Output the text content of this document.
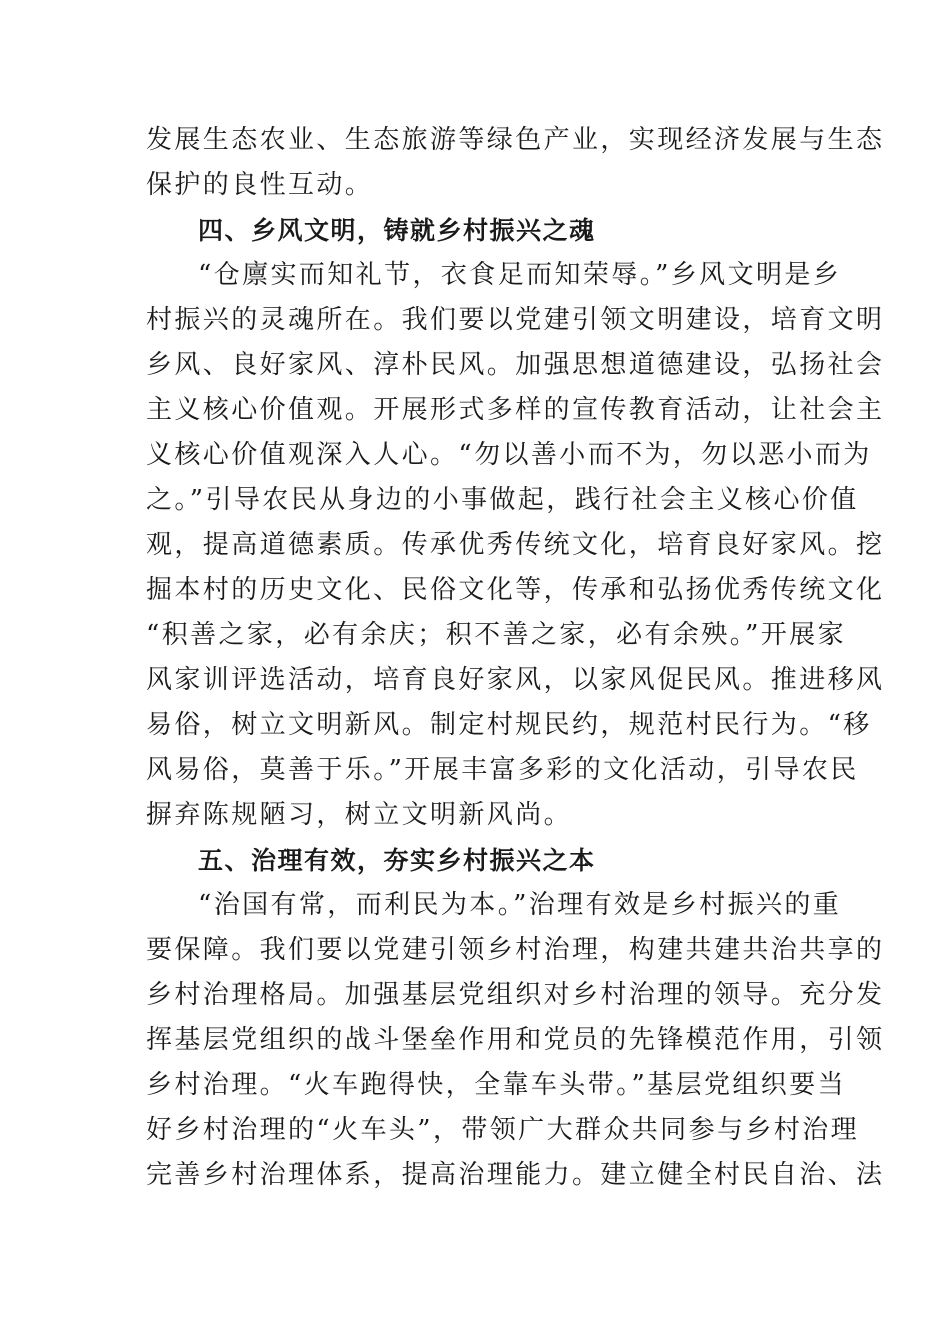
发展生态农业、生态旅游等绿色产业，实现经济发展与生态
保护的良性互动。
四、乡风文明，铸就乡村振兴之魂
“仓廪实而知礼节，衣食足而知荣辱。”乡风文明是乡
村振兴的灵魂所在。我们要以党建引领文明建设，培育文明
乡风、良好家风、淳朴民风。加强思想道德建设，弘扬社会
主义核心价值观。开展形式多样的宣传教育活动，让社会主
义核心价值观深入人心。“勿以善小而不为，勿以恶小而为
之。”引导农民从身边的小事做起，践行社会主义核心价值
观，提高道德素质。传承优秀传统文化，培育良好家风。挖
掘本村的历史文化、民俗文化等，传承和弘扬优秀传统文化
“积善之家，必有余庆；积不善之家，必有余殃。”开展家
风家训评选活动，培育良好家风，以家风促民风。推进移风
易俗，树立文明新风。制定村规民约，规范村民行为。“移
风易俗，莫善于乐。”开展丰富多彩的文化活动，引导农民
摒弃陈规陋习，树立文明新风尚。
五、治理有效，夯实乡村振兴之本
“治国有常，而利民为本。”治理有效是乡村振兴的重
要保障。我们要以党建引领乡村治理，构建共建共治共享的
乡村治理格局。加强基层党组织对乡村治理的领导。充分发
挥基层党组织的战斗堡垒作用和党员的先锋模范作用，引领
乡村治理。“火车跑得快，全靠车头带。”基层党组织要当
好乡村治理的“火车头”，带领广大群众共同参与乡村治理
完善乡村治理体系，提高治理能力。建立健全村民自治、法
